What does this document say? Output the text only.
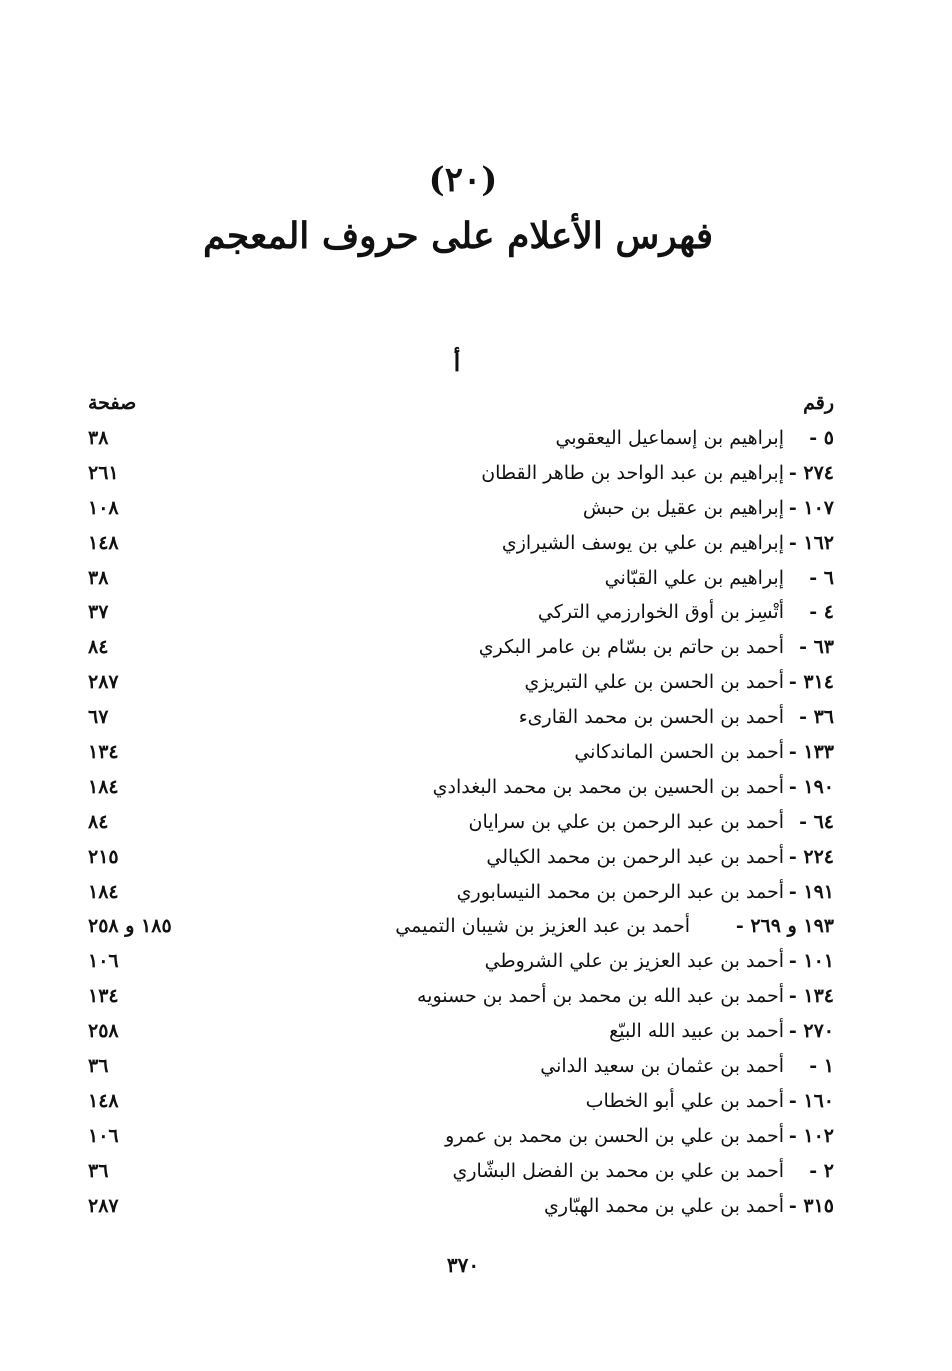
(٢٠)
فهرس الأعلام على حروف المعجم
أ
رقم
صفحة
٥ -
إبراهيم بن إسماعيل اليعقوبي
٣٨
٢٧٤ -
إبراهيم بن عبد الواحد بن طاهر القطان
٢٦١
١٠٧ -
إبراهيم بن عقيل بن حبش
١٠٨
١٦٢ -
إبراهيم بن علي بن يوسف الشيرازي
١٤٨
٦ -
إبراهيم بن علي القبّاني
٣٨
٤ -
أتْسِز بن أوق الخوارزمي التركي
٣٧
٦٣ -
أحمد بن حاتم بن بسّام بن عامر البكري
٨٤
٣١٤ -
أحمد بن الحسن بن علي التبريزي
٢٨٧
٣٦ -
أحمد بن الحسن بن محمد القارىء
٦٧
١٣٣ -
أحمد بن الحسن الماندكاني
١٣٤
١٩٠ -
أحمد بن الحسين بن محمد بن محمد البغدادي
١٨٤
٦٤ -
أحمد بن عبد الرحمن بن علي بن سرايان
٨٤
٢٢٤ -
أحمد بن عبد الرحمن بن محمد الكيالي
٢١٥
١٩١ -
أحمد بن عبد الرحمن بن محمد النيسابوري
١٨٤
١٩٣ و ٢٦٩ -
أحمد بن عبد العزيز بن شيبان التميمي
١٨٥ و ٢٥٨
١٠١ -
أحمد بن عبد العزيز بن علي الشروطي
١٠٦
١٣٤ -
أحمد بن عبد الله بن محمد بن أحمد بن حسنويه
١٣٤
٢٧٠ -
أحمد بن عبيد الله البيّع
٢٥٨
١ -
أحمد بن عثمان بن سعيد الداني
٣٦
١٦٠ -
أحمد بن علي أبو الخطاب
١٤٨
١٠٢ -
أحمد بن علي بن الحسن بن محمد بن عمرو
١٠٦
٢ -
أحمد بن علي بن محمد بن الفضل البشّاري
٣٦
٣١٥ -
أحمد بن علي بن محمد الهبّاري
٢٨٧
٣٧٠
